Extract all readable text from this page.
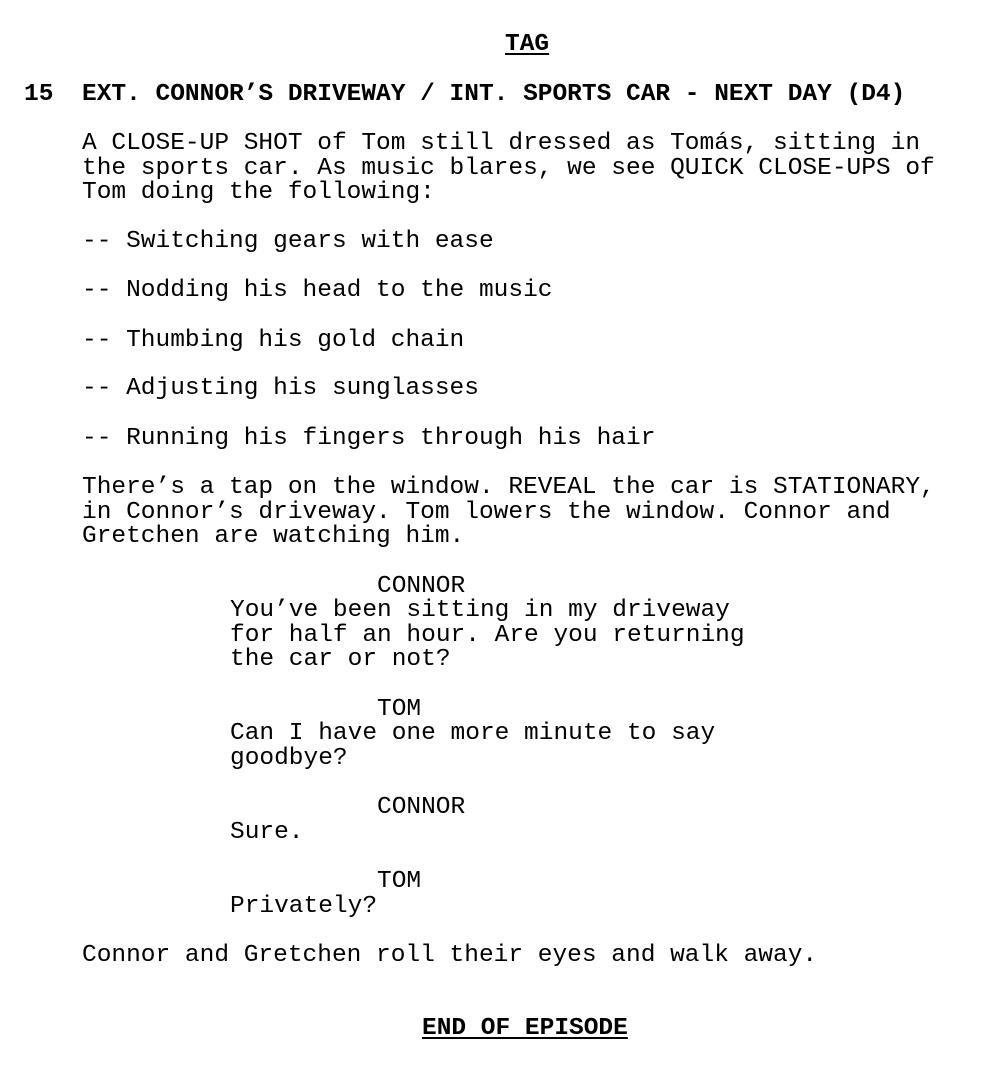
TAG
15 EXT. CONNOR’S DRIVEWAY / INT. SPORTS CAR - NEXT DAY (D4)
A CLOSE-UP SHOT of Tom still dressed as Tomás, sitting in
the sports car. As music blares, we see QUICK CLOSE-UPS of
Tom doing the following:
-- Switching gears with ease
-- Nodding his head to the music
-- Thumbing his gold chain
-- Adjusting his sunglasses
-- Running his fingers through his hair
There’s a tap on the window. REVEAL the car is STATIONARY,
in Connor’s driveway. Tom lowers the window. Connor and
Gretchen are watching him.
CONNOR
You’ve been sitting in my driveway
for half an hour. Are you returning
the car or not?
TOM
Can I have one more minute to say
goodbye?
CONNOR
Sure.
TOM
Privately?
Connor and Gretchen roll their eyes and walk away.
END OF EPISODE
